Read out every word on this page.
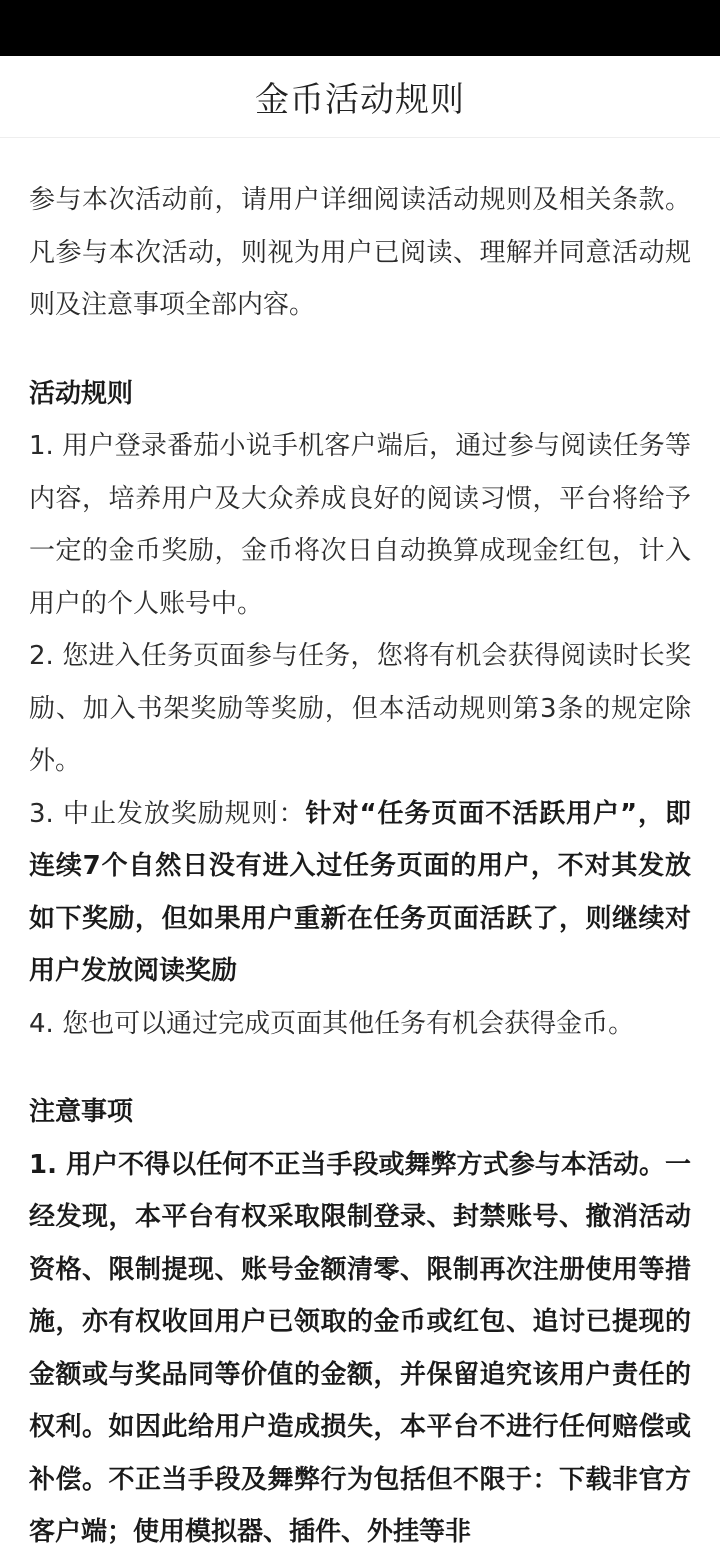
金币活动规则

参与本次活动前，请用户详细阅读活动规则及相关条款。凡参与本次活动，则视为用户已阅读、理解并同意活动规则及注意事项全部内容。

活动规则

1. 用户登录番茄小说手机客户端后，通过参与阅读任务等内容，培养用户及大众养成良好的阅读习惯，平台将给予一定的金币奖励，金币将次日自动换算成现金红包，计入用户的个人账号中。

2. 您进入任务页面参与任务，您将有机会获得阅读时长奖励、加入书架奖励等奖励，但本活动规则第3条的规定除外。

3. 中止发放奖励规则：针对“任务页面不活跃用户”，即连续7个自然日没有进入过任务页面的用户，不对其发放如下奖励，但如果用户重新在任务页面活跃了，则继续对用户发放阅读奖励

4. 您也可以通过完成页面其他任务有机会获得金币。

注意事项

1. 用户不得以任何不正当手段或舞弊方式参与本活动。一经发现，本平台有权采取限制登录、封禁账号、撤消活动资格、限制提现、账号金额清零、限制再次注册使用等措施，亦有权收回用户已领取的金币或红包、追讨已提现的金额或与奖品同等价值的金额，并保留追究该用户责任的权利。如因此给用户造成损失，本平台不进行任何赔偿或补偿。不正当手段及舞弊行为包括但不限于：下载非官方客户端；使用模拟器、插件、外挂等非
